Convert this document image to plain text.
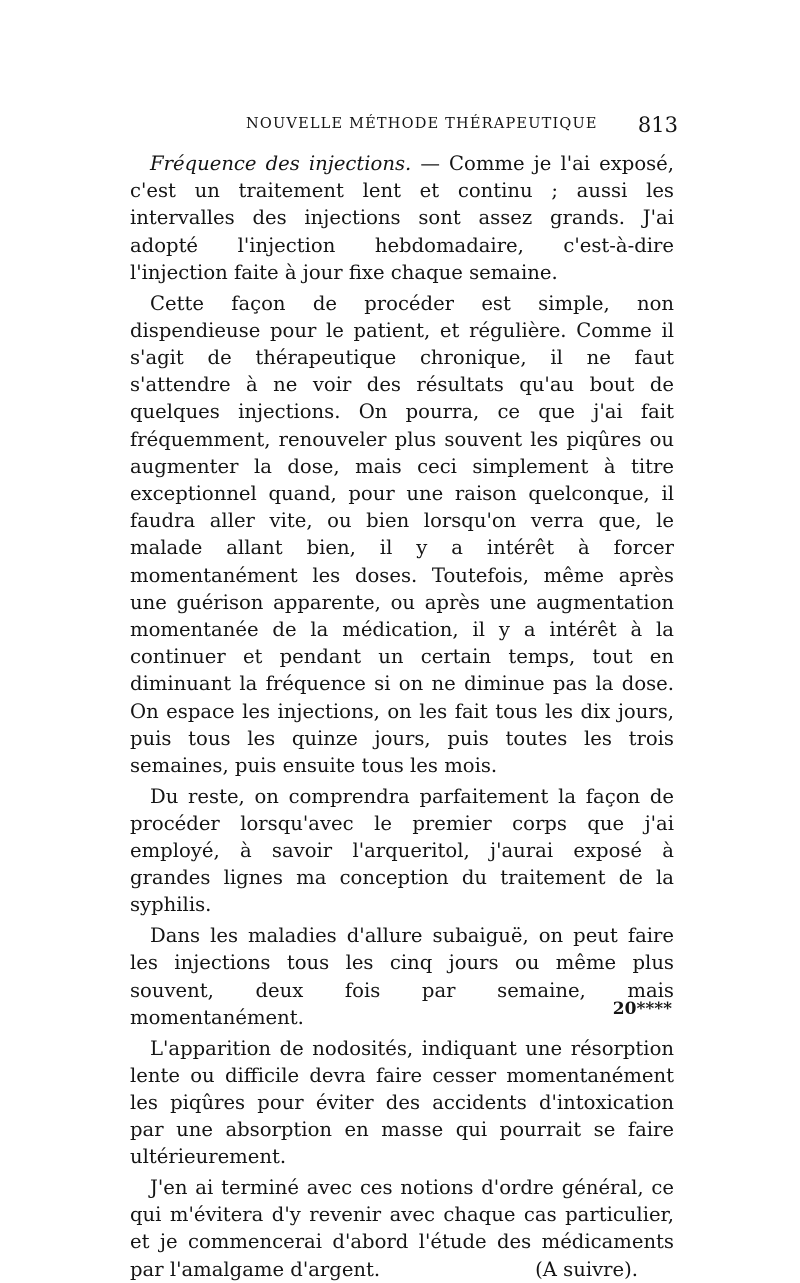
NOUVELLE MÉTHODE THÉRAPEUTIQUE 813

Fréquence des injections. — Comme je l'ai exposé, c'est un traitement lent et continu ; aussi les intervalles des injections sont assez grands. J'ai adopté l'injection hebdomadaire, c'est-à-dire l'injection faite à jour fixe chaque semaine.

Cette façon de procéder est simple, non dispendieuse pour le patient, et régulière. Comme il s'agit de thérapeutique chronique, il ne faut s'attendre à ne voir des résultats qu'au bout de quelques injections. On pourra, ce que j'ai fait fréquemment, renouveler plus souvent les piqûres ou augmenter la dose, mais ceci simplement à titre exceptionnel quand, pour une raison quelconque, il faudra aller vite, ou bien lorsqu'on verra que, le malade allant bien, il y a intérêt à forcer momentanément les doses. Toutefois, même après une guérison apparente, ou après une augmentation momentanée de la médication, il y a intérêt à la continuer et pendant un certain temps, tout en diminuant la fréquence si on ne diminue pas la dose. On espace les injections, on les fait tous les dix jours, puis tous les quinze jours, puis toutes les trois semaines, puis ensuite tous les mois.

Du reste, on comprendra parfaitement la façon de procéder lorsqu'avec le premier corps que j'ai employé, à savoir l'arqueritol, j'aurai exposé à grandes lignes ma conception du traitement de la syphilis.

Dans les maladies d'allure subaiguë, on peut faire les injections tous les cinq jours ou même plus souvent, deux fois par semaine, mais momentanément.

L'apparition de nodosités, indiquant une résorption lente ou difficile devra faire cesser momentanément les piqûres pour éviter des accidents d'intoxication par une absorption en masse qui pourrait se faire ultérieurement.

J'en ai terminé avec ces notions d'ordre général, ce qui m'évitera d'y revenir avec chaque cas particulier, et je commencerai d'abord l'étude des médicaments par l'amalgame d'argent.	(A suivre).

20****
